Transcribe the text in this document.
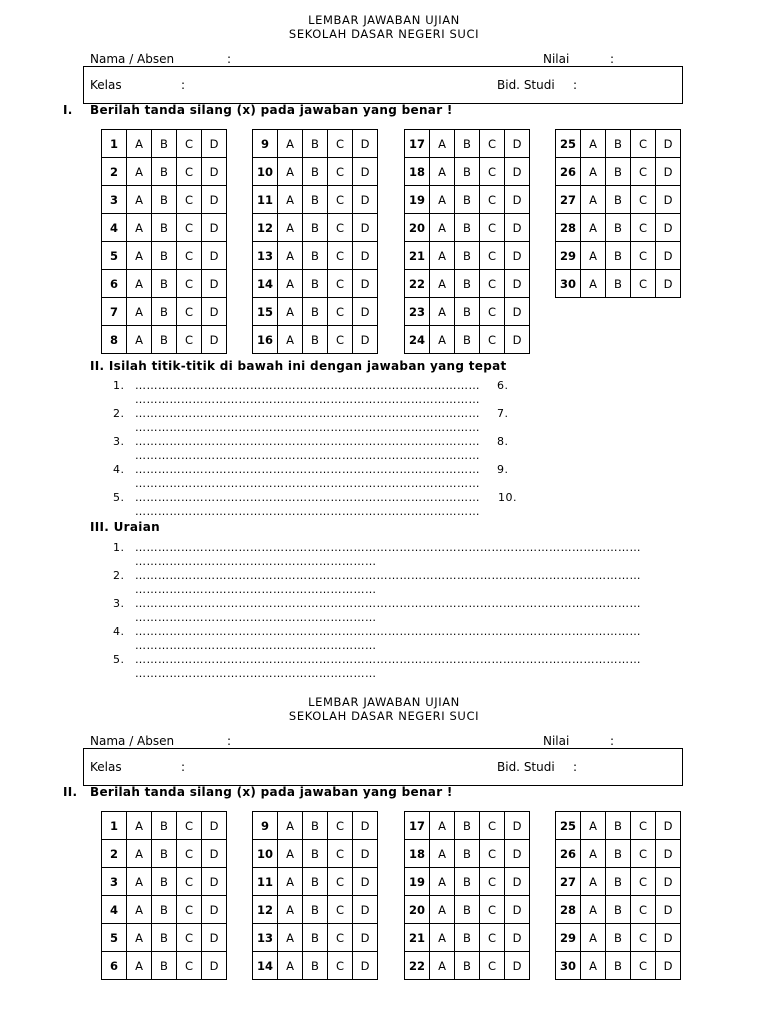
LEMBAR JAWABAN UJIAN
SEKOLAH DASAR NEGERI SUCI
Nama / Absen	:	Nilai	:
Kelas	:	Bid. Studi :
I. Berilah tanda silang (x) pada jawaban yang benar !
1	A	B	C	D
2	A	B	C	D
3	A	B	C	D
4	A	B	C	D
5	A	B	C	D
6	A	B	C	D
7	A	B	C	D
8	A	B	C	D
9	A	B	C	D
10	A	B	C	D
11	A	B	C	D
12	A	B	C	D
13	A	B	C	D
14	A	B	C	D
15	A	B	C	D
16	A	B	C	D
17	A	B	C	D
18	A	B	C	D
19	A	B	C	D
20	A	B	C	D
21	A	B	C	D
22	A	B	C	D
23	A	B	C	D
24	A	B	C	D
25	A	B	C	D
26	A	B	C	D
27	A	B	C	D
28	A	B	C	D
29	A	B	C	D
30	A	B	C	D
II. Isilah titik-titik di bawah ini dengan jawaban yang tepat
1. ………………………………………………………………………………	6.
………………………………………………………………………………
2. ………………………………………………………………………………	7.
………………………………………………………………………………
3. ………………………………………………………………………………	8.
………………………………………………………………………………
4. ………………………………………………………………………………	9.
………………………………………………………………………………
5. ………………………………………………………………………………	10.
………………………………………………………………………………
III. Uraian
1. ……………………………………………………………………………………………………………………
………………………………………………………
2. ……………………………………………………………………………………………………………………
………………………………………………………
3. ……………………………………………………………………………………………………………………
………………………………………………………
4. ……………………………………………………………………………………………………………………
………………………………………………………
5. ……………………………………………………………………………………………………………………
………………………………………………………
LEMBAR JAWABAN UJIAN
SEKOLAH DASAR NEGERI SUCI
Nama / Absen	:	Nilai	:
Kelas	:	Bid. Studi :
II. Berilah tanda silang (x) pada jawaban yang benar !
1	A	B	C	D
2	A	B	C	D
3	A	B	C	D
4	A	B	C	D
5	A	B	C	D
6	A	B	C	D
9	A	B	C	D
10	A	B	C	D
11	A	B	C	D
12	A	B	C	D
13	A	B	C	D
14	A	B	C	D
17	A	B	C	D
18	A	B	C	D
19	A	B	C	D
20	A	B	C	D
21	A	B	C	D
22	A	B	C	D
25	A	B	C	D
26	A	B	C	D
27	A	B	C	D
28	A	B	C	D
29	A	B	C	D
30	A	B	C	D
